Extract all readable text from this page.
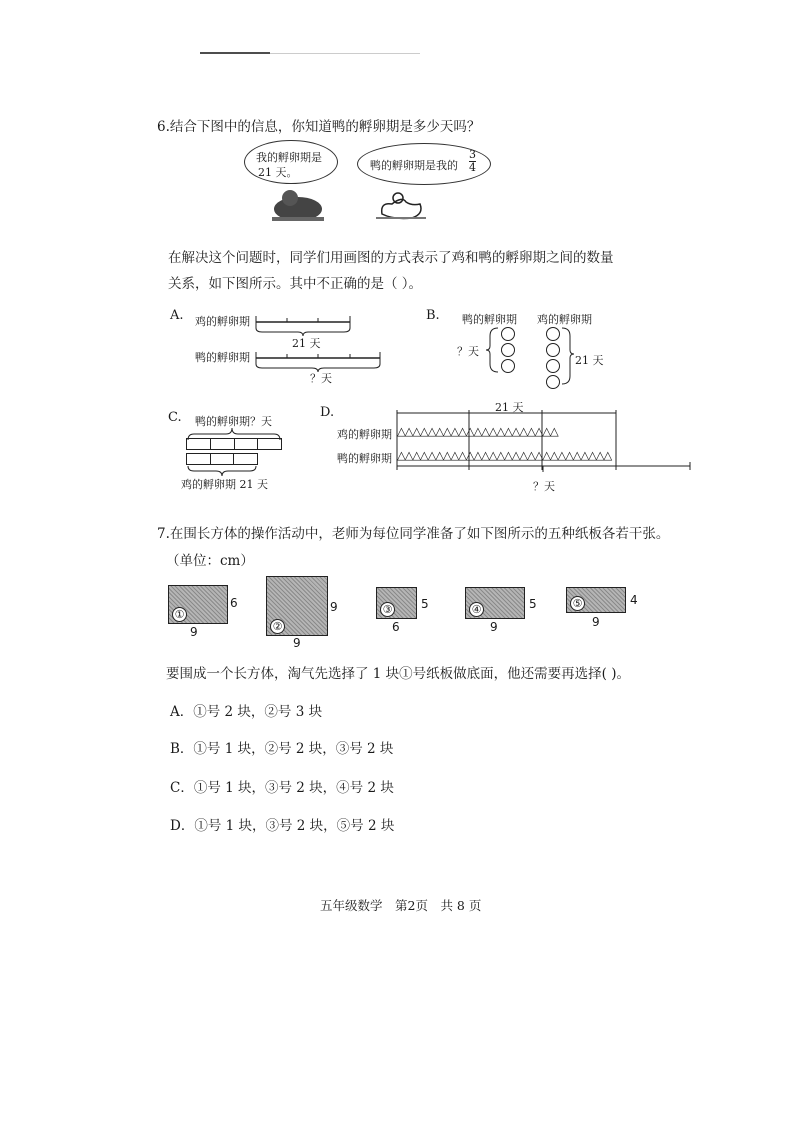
6.结合下图中的信息，你知道鸭的孵卵期是多少天吗？
我的孵卵期是
21 天。
鸭的孵卵期是我的 $\frac{3}{4}$
在解决这个问题时，同学们用画图的方式表示了鸡和鸭的孵卵期之间的数量
关系，如下图所示。其中不正确的是（ ）。
A. 鸡的孵卵期
21 天
鸭的孵卵期
？天
B. 鸭的孵卵期 鸡的孵卵期
？天
21 天
C. 鸭的孵卵期？天
鸡的孵卵期 21 天
D.	21 天
鸡的孵卵期 △△△△△△△△△△△△△△△△△△△△△
鸭的孵卵期 △△△△△△△△△△△△△△△△△△△△△△△△△△△△
？天
7.在围长方体的操作活动中，老师为每位同学准备了如下图所示的五种纸板各若干张。
（单位：cm）
①
6
9	②
9
9
③ 5
6
④	5
9
⑤	4
9
要围成一个长方体，淘气先选择了 1 块①号纸板做底面，他还需要再选择( )。
A．①号 2 块，②号 3 块
B．①号 1 块，②号 2 块，③号 2 块
C．①号 1 块，③号 2 块，④号 2 块
D．①号 1 块，③号 2 块，⑤号 2 块
五年级数学　第2页　共 8 页
